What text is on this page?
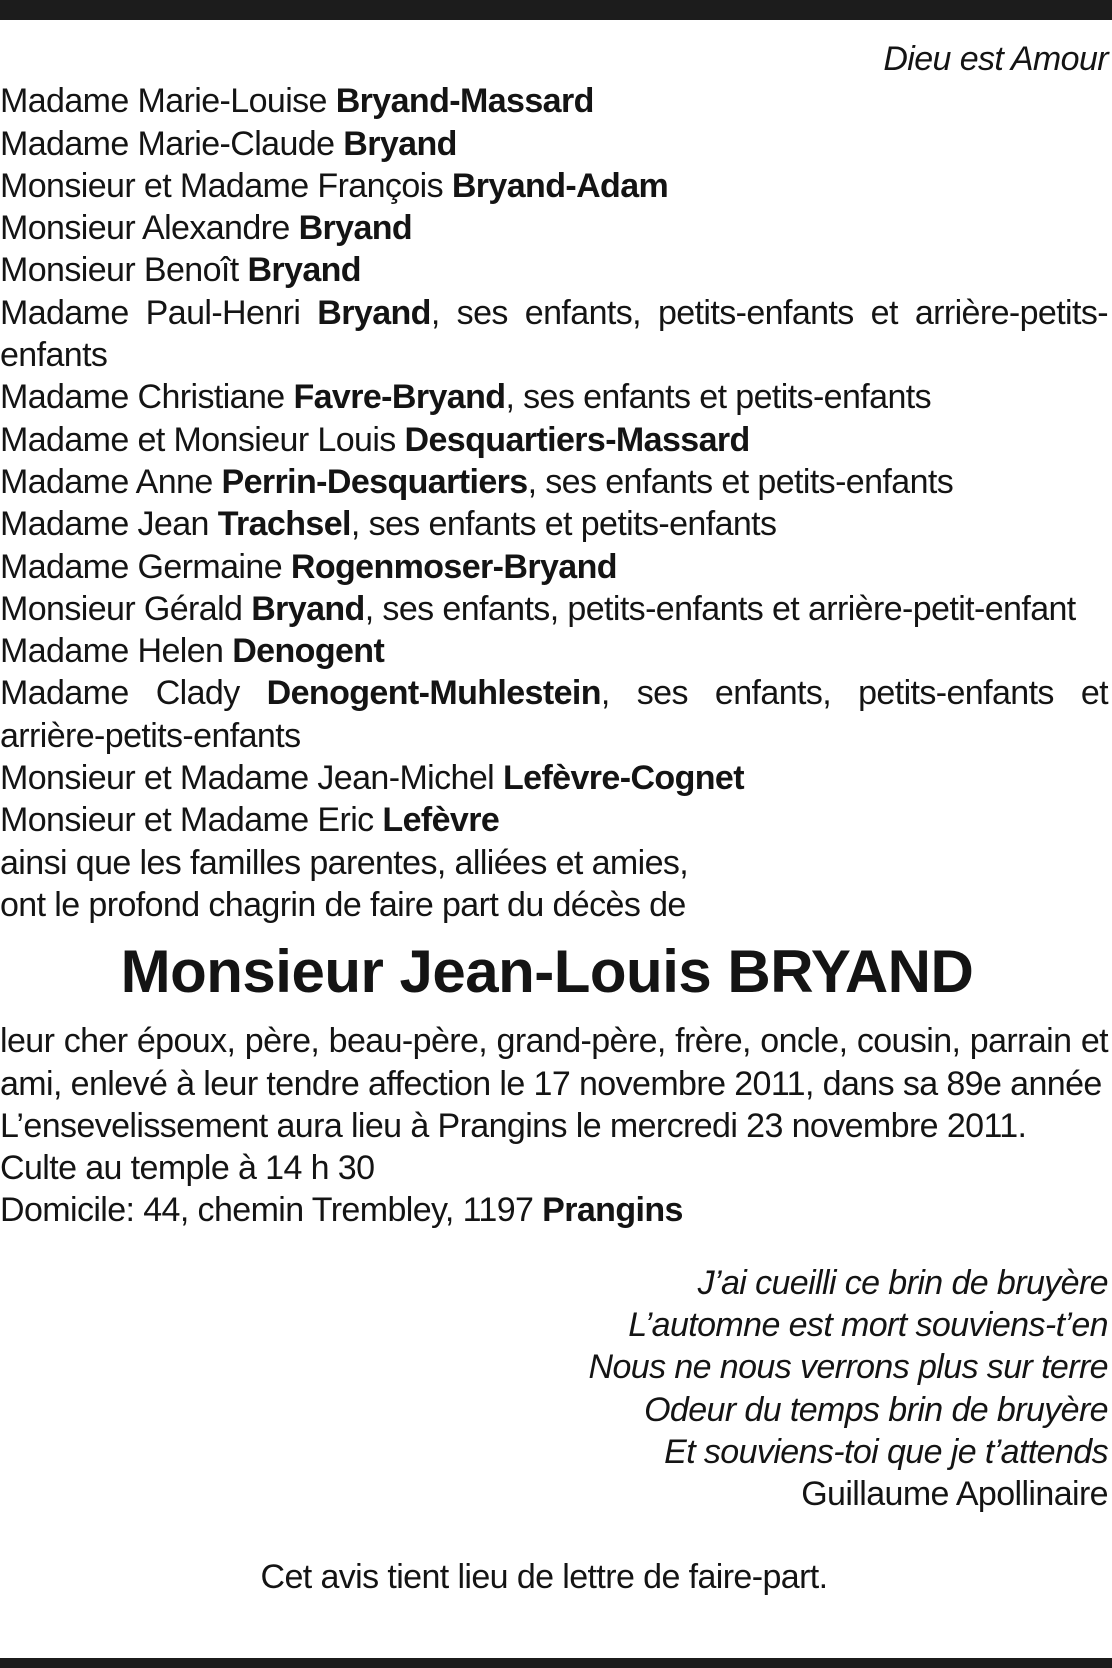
Dieu est Amour
Madame Marie-Louise Bryand-Massard
Madame Marie-Claude Bryand
Monsieur et Madame François Bryand-Adam
Monsieur Alexandre Bryand
Monsieur Benoît Bryand
Madame Paul-Henri Bryand, ses enfants, petits-enfants et arrière-petits-enfants
Madame Christiane Favre-Bryand, ses enfants et petits-enfants
Madame et Monsieur Louis Desquartiers-Massard
Madame Anne Perrin-Desquartiers, ses enfants et petits-enfants
Madame Jean Trachsel, ses enfants et petits-enfants
Madame Germaine Rogenmoser-Bryand
Monsieur Gérald Bryand, ses enfants, petits-enfants et arrière-petit-enfant
Madame Helen Denogent
Madame Clady Denogent-Muhlestein, ses enfants, petits-enfants et arrière-petits-enfants
Monsieur et Madame Jean-Michel Lefèvre-Cognet
Monsieur et Madame Eric Lefèvre
ainsi que les familles parentes, alliées et amies,
ont le profond chagrin de faire part du décès de
Monsieur Jean-Louis BRYAND
leur cher époux, père, beau-père, grand-père, frère, oncle, cousin, parrain et ami, enlevé à leur tendre affection le 17 novembre 2011, dans sa 89e année
L’ensevelissement aura lieu à Prangins le mercredi 23 novembre 2011.
Culte au temple à 14 h 30
Domicile: 44, chemin Trembley, 1197 Prangins
J’ai cueilli ce brin de bruyère
L’automne est mort souviens-t’en
Nous ne nous verrons plus sur terre
Odeur du temps brin de bruyère
Et souviens-toi que je t’attends
Guillaume Apollinaire
Cet avis tient lieu de lettre de faire-part.
